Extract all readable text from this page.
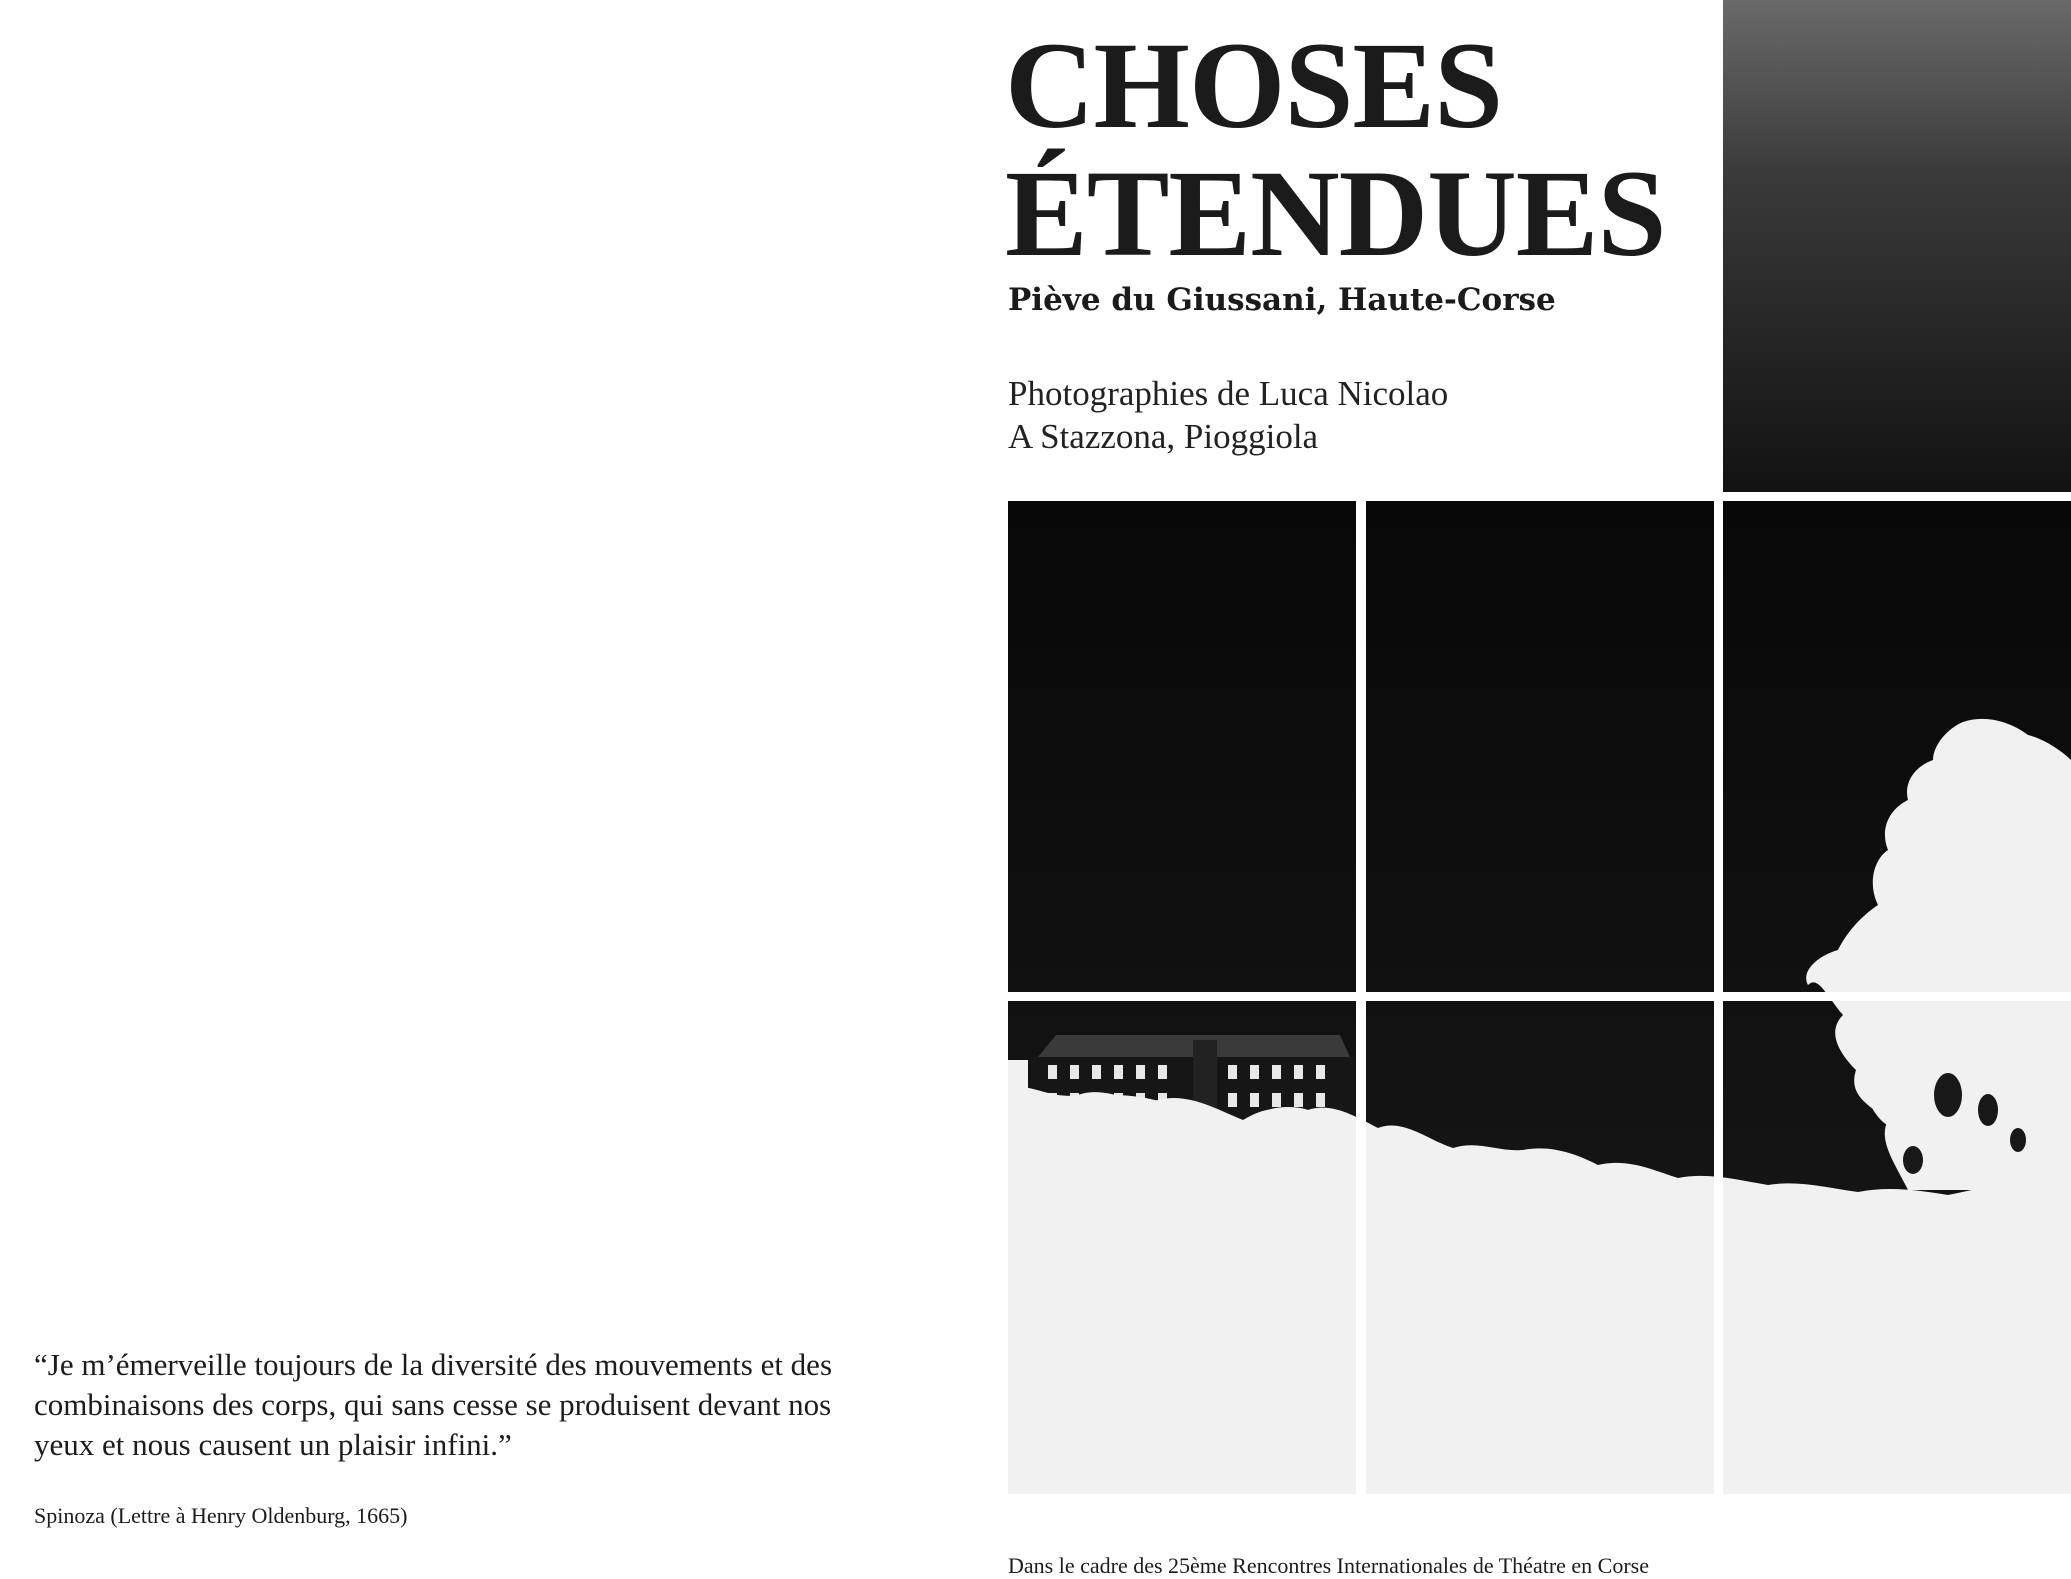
CHOSES
ÉTENDUES
Piève du Giussani, Haute-Corse
Photographies de Luca Nicolao
A Stazzona, Pioggiola
“Je m’émerveille toujours de la diversité des mouvements et des combinaisons des corps, qui sans cesse se produisent devant nos yeux et nous causent un plaisir infini.”
Spinoza (Lettre à Henry Oldenburg, 1665)
Dans le cadre des 25ème Rencontres Internationales de Théatre en Corse
